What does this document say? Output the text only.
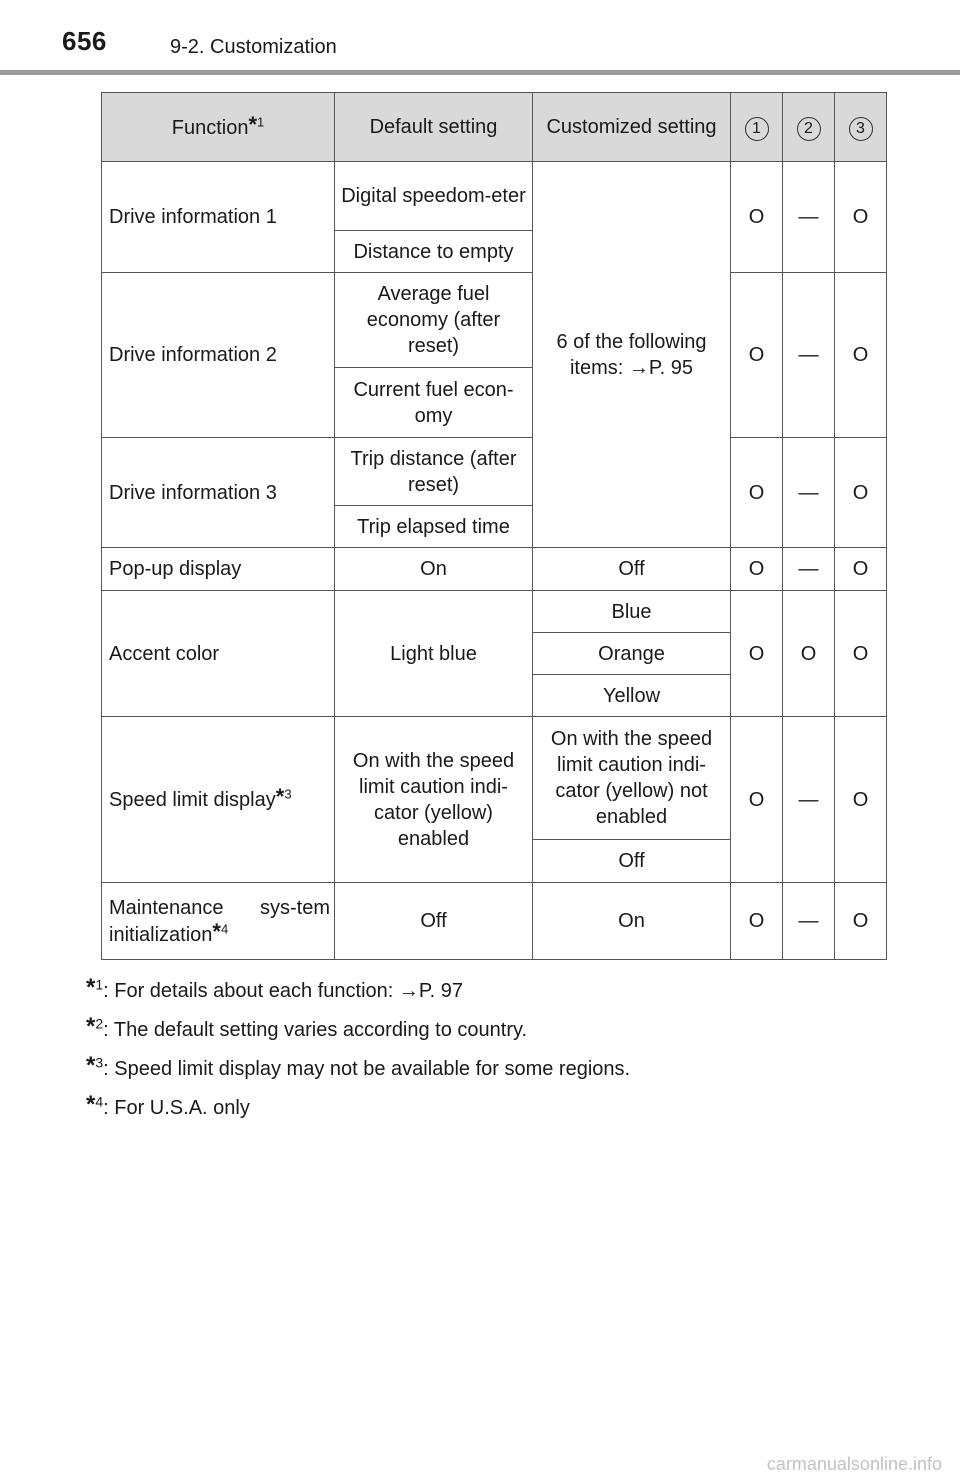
656	9-2. Customization
Function*$^1$	Default setting	Customized setting	1	2	3
Drive information 1	Digital speedom-eter	6 of the following items: →P. 95	O	—	O
	Distance to empty				
Drive information 2	Average fuel economy (after reset)		O	—	O
	Current fuel econ-omy				
Drive information 3	Trip distance (after reset)		O	—	O
	Trip elapsed time				
Pop-up display	On	Off	O	—	O
Accent color	Light blue	Blue	O	O	O
		Orange			
		Yellow			
Speed limit display*$^3$	On with the speed limit caution indi-cator (yellow) enabled	On with the speed limit caution indi-cator (yellow) not enabled	O	—	O
		Off			
Maintenance sys-tem initialization*$^4$	Off	On	O	—	O
*$^1$: For details about each function: →P. 97
*$^2$: The default setting varies according to country.
*$^3$: Speed limit display may not be available for some regions.
*$^4$: For U.S.A. only
carmanualsonline.info
